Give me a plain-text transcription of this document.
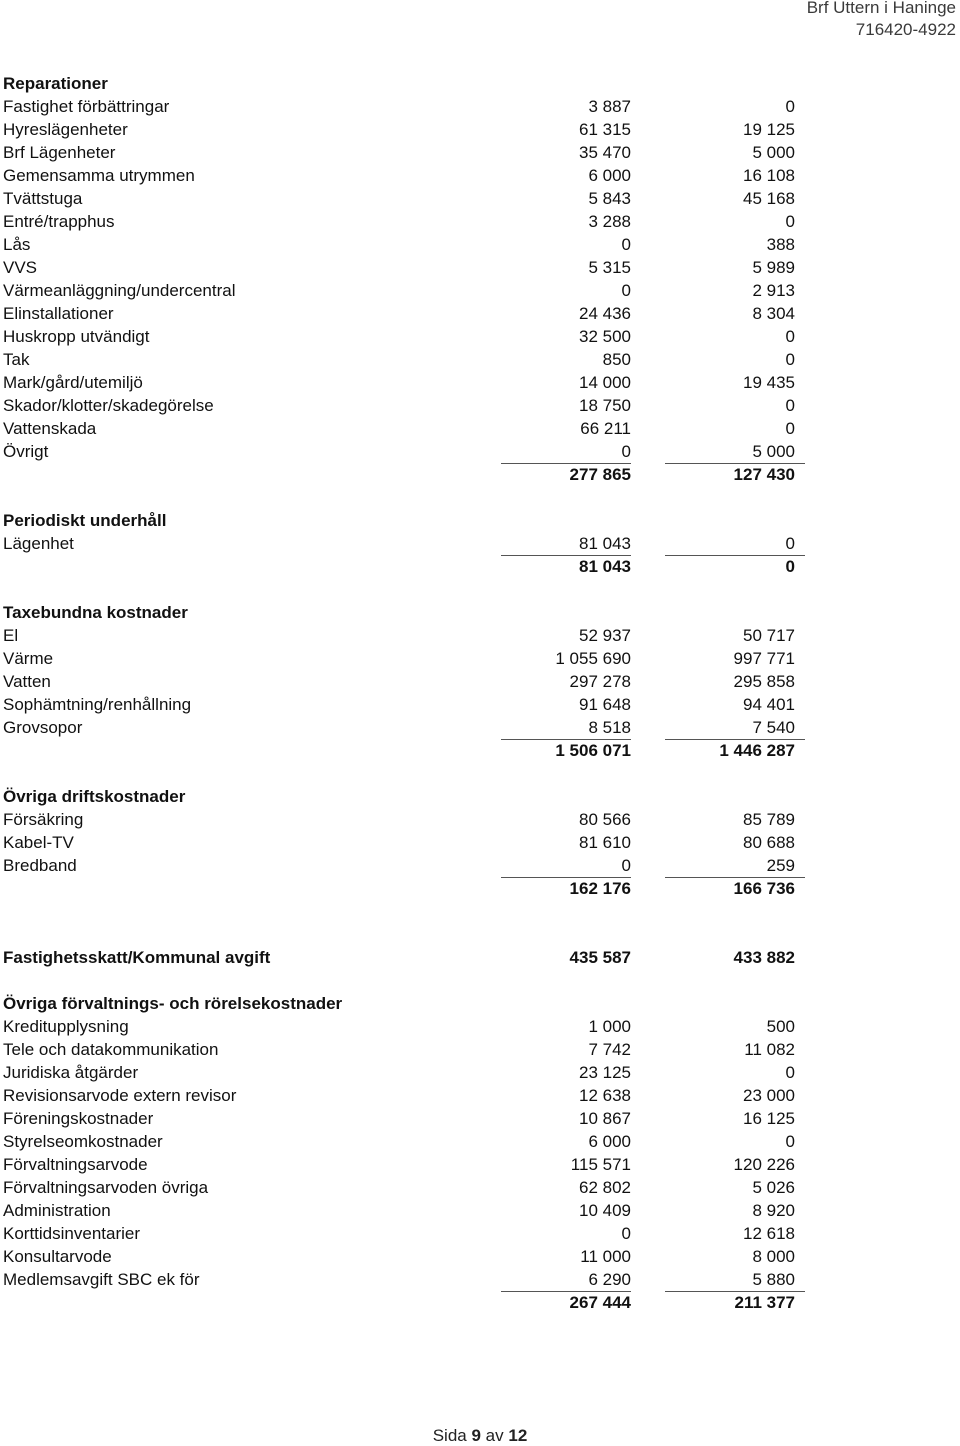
Brf Uttern i Haninge
716420-4922
Reparationer
Fastighet förbättringar	3 887	0
Hyreslägenheter	61 315	19 125
Brf Lägenheter	35 470	5 000
Gemensamma utrymmen	6 000	16 108
Tvättstuga	5 843	45 168
Entré/trapphus	3 288	0
Lås	0	388
VVS	5 315	5 989
Värmeanläggning/undercentral	0	2 913
Elinstallationer	24 436	8 304
Huskropp utvändigt	32 500	0
Tak	850	0
Mark/gård/utemiljö	14 000	19 435
Skador/klotter/skadegörelse	18 750	0
Vattenskada	66 211	0
Övrigt	0	5 000
277 865	127 430
Periodiskt underhåll
Lägenhet	81 043	0
81 043	0
Taxebundna kostnader
El	52 937	50 717
Värme	1 055 690	997 771
Vatten	297 278	295 858
Sophämtning/renhållning	91 648	94 401
Grovsopor	8 518	7 540
1 506 071	1 446 287
Övriga driftskostnader
Försäkring	80 566	85 789
Kabel-TV	81 610	80 688
Bredband	0	259
162 176	166 736
Fastighetsskatt/Kommunal avgift	435 587	433 882
Övriga förvaltnings- och rörelsekostnader
Kreditupplysning	1 000	500
Tele och datakommunikation	7 742	11 082
Juridiska åtgärder	23 125	0
Revisionsarvode extern revisor	12 638	23 000
Föreningskostnader	10 867	16 125
Styrelseomkostnader	6 000	0
Förvaltningsarvode	115 571	120 226
Förvaltningsarvoden övriga	62 802	5 026
Administration	10 409	8 920
Korttidsinventarier	0	12 618
Konsultarvode	11 000	8 000
Medlemsavgift SBC ek för	6 290	5 880
267 444	211 377
Sida 9 av 12
